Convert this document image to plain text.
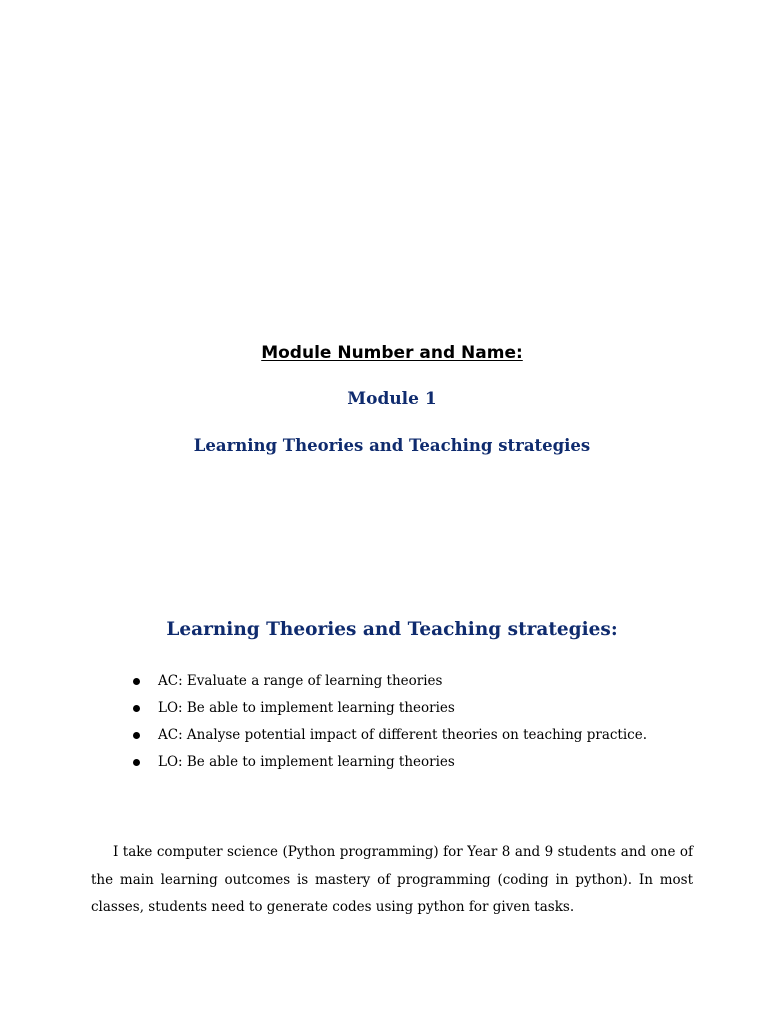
Module Number and Name:
Module 1
Learning Theories and Teaching strategies
Learning Theories and Teaching strategies:
AC: Evaluate a range of learning theories
LO: Be able to implement learning theories
AC: Analyse potential impact of different theories on teaching practice.
LO: Be able to implement learning theories

I take computer science (Python programming) for Year 8 and 9 students and one of the main learning outcomes is mastery of programming (coding in python). In most classes, students need to generate codes using python for given tasks.
